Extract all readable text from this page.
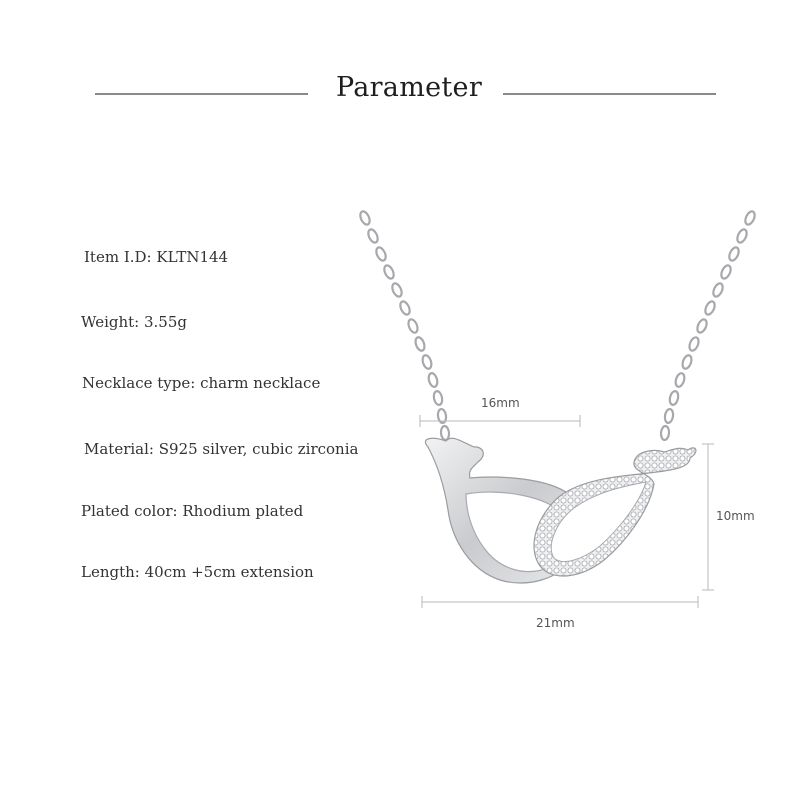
Parameter
Item I.D: KLTN144
Weight: 3.55g
Necklace type: charm necklace
Material: S925 silver, cubic zirconia
Plated color: Rhodium plated
Length: 40cm +5cm extension
16mm
10mm
21mm
